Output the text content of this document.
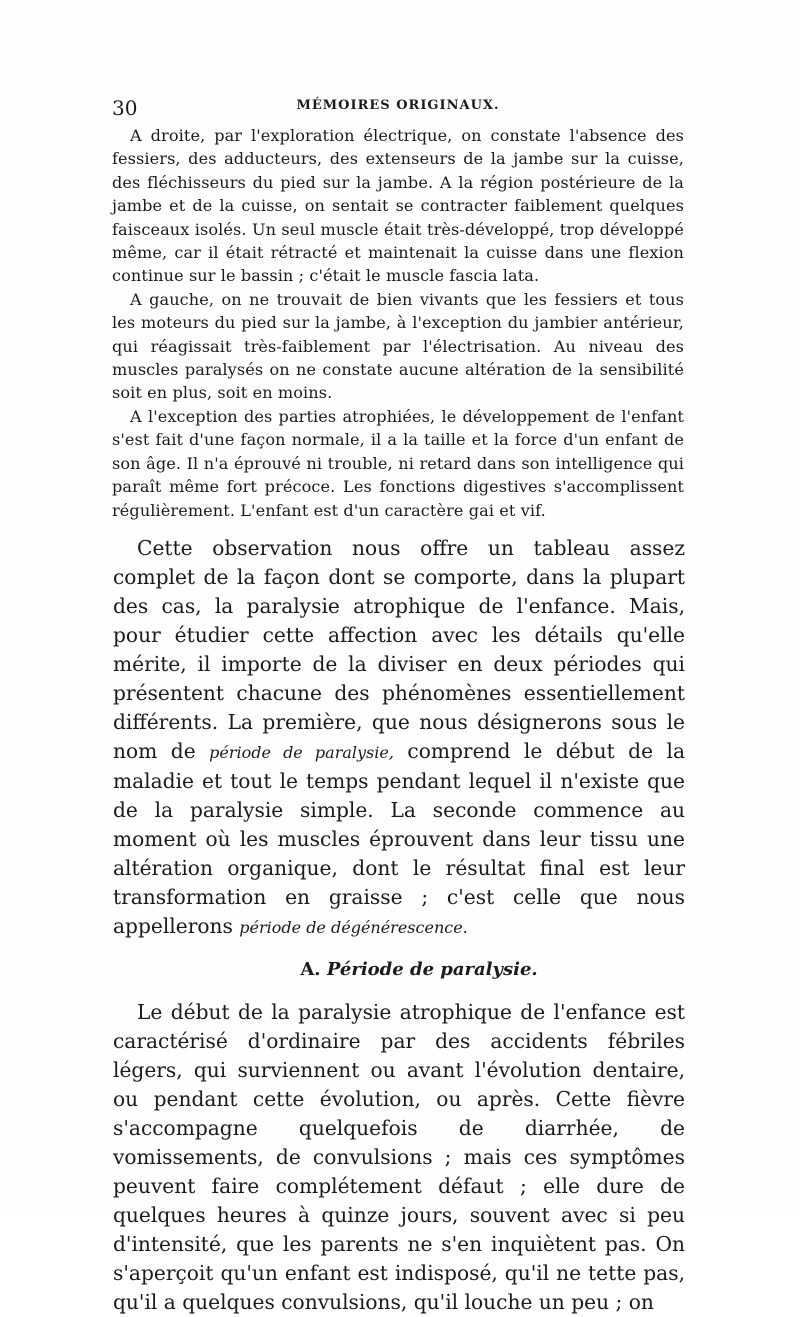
30	MÉMOIRES ORIGINAUX.

A droite, par l'exploration électrique, on constate l'absence des fessiers, des adducteurs, des extenseurs de la jambe sur la cuisse, des fléchisseurs du pied sur la jambe. A la région postérieure de la jambe et de la cuisse, on sentait se contracter faiblement quelques faisceaux isolés. Un seul muscle était très-développé, trop développé même, car il était rétracté et maintenait la cuisse dans une flexion continue sur le bassin ; c'était le muscle fascia lata.

A gauche, on ne trouvait de bien vivants que les fessiers et tous les moteurs du pied sur la jambe, à l'exception du jambier antérieur, qui réagissait très-faiblement par l'électrisation. Au niveau des muscles paralysés on ne constate aucune altération de la sensibilité soit en plus, soit en moins.

A l'exception des parties atrophiées, le développement de l'enfant s'est fait d'une façon normale, il a la taille et la force d'un enfant de son âge. Il n'a éprouvé ni trouble, ni retard dans son intelligence qui paraît même fort précoce. Les fonctions digestives s'accomplissent régulièrement. L'enfant est d'un caractère gai et vif.

Cette observation nous offre un tableau assez complet de la façon dont se comporte, dans la plupart des cas, la paralysie atrophique de l'enfance. Mais, pour étudier cette affection avec les détails qu'elle mérite, il importe de la diviser en deux périodes qui présentent chacune des phénomènes essentiellement différents. La première, que nous désignerons sous le nom de période de paralysie, comprend le début de la maladie et tout le temps pendant lequel il n'existe que de la paralysie simple. La seconde commence au moment où les muscles éprouvent dans leur tissu une altération organique, dont le résultat final est leur transformation en graisse ; c'est celle que nous appellerons période de dégénérescence.

A. Période de paralysie.

Le début de la paralysie atrophique de l'enfance est caractérisé d'ordinaire par des accidents fébriles légers, qui surviennent ou avant l'évolution dentaire, ou pendant cette évolution, ou après. Cette fièvre s'accompagne quelquefois de diarrhée, de vomissements, de convulsions ; mais ces symptômes peuvent faire complétement défaut ; elle dure de quelques heures à quinze jours, souvent avec si peu d'intensité, que les parents ne s'en inquiètent pas. On s'aperçoit qu'un enfant est indisposé, qu'il ne tette pas, qu'il a quelques convulsions, qu'il louche un peu ; on
